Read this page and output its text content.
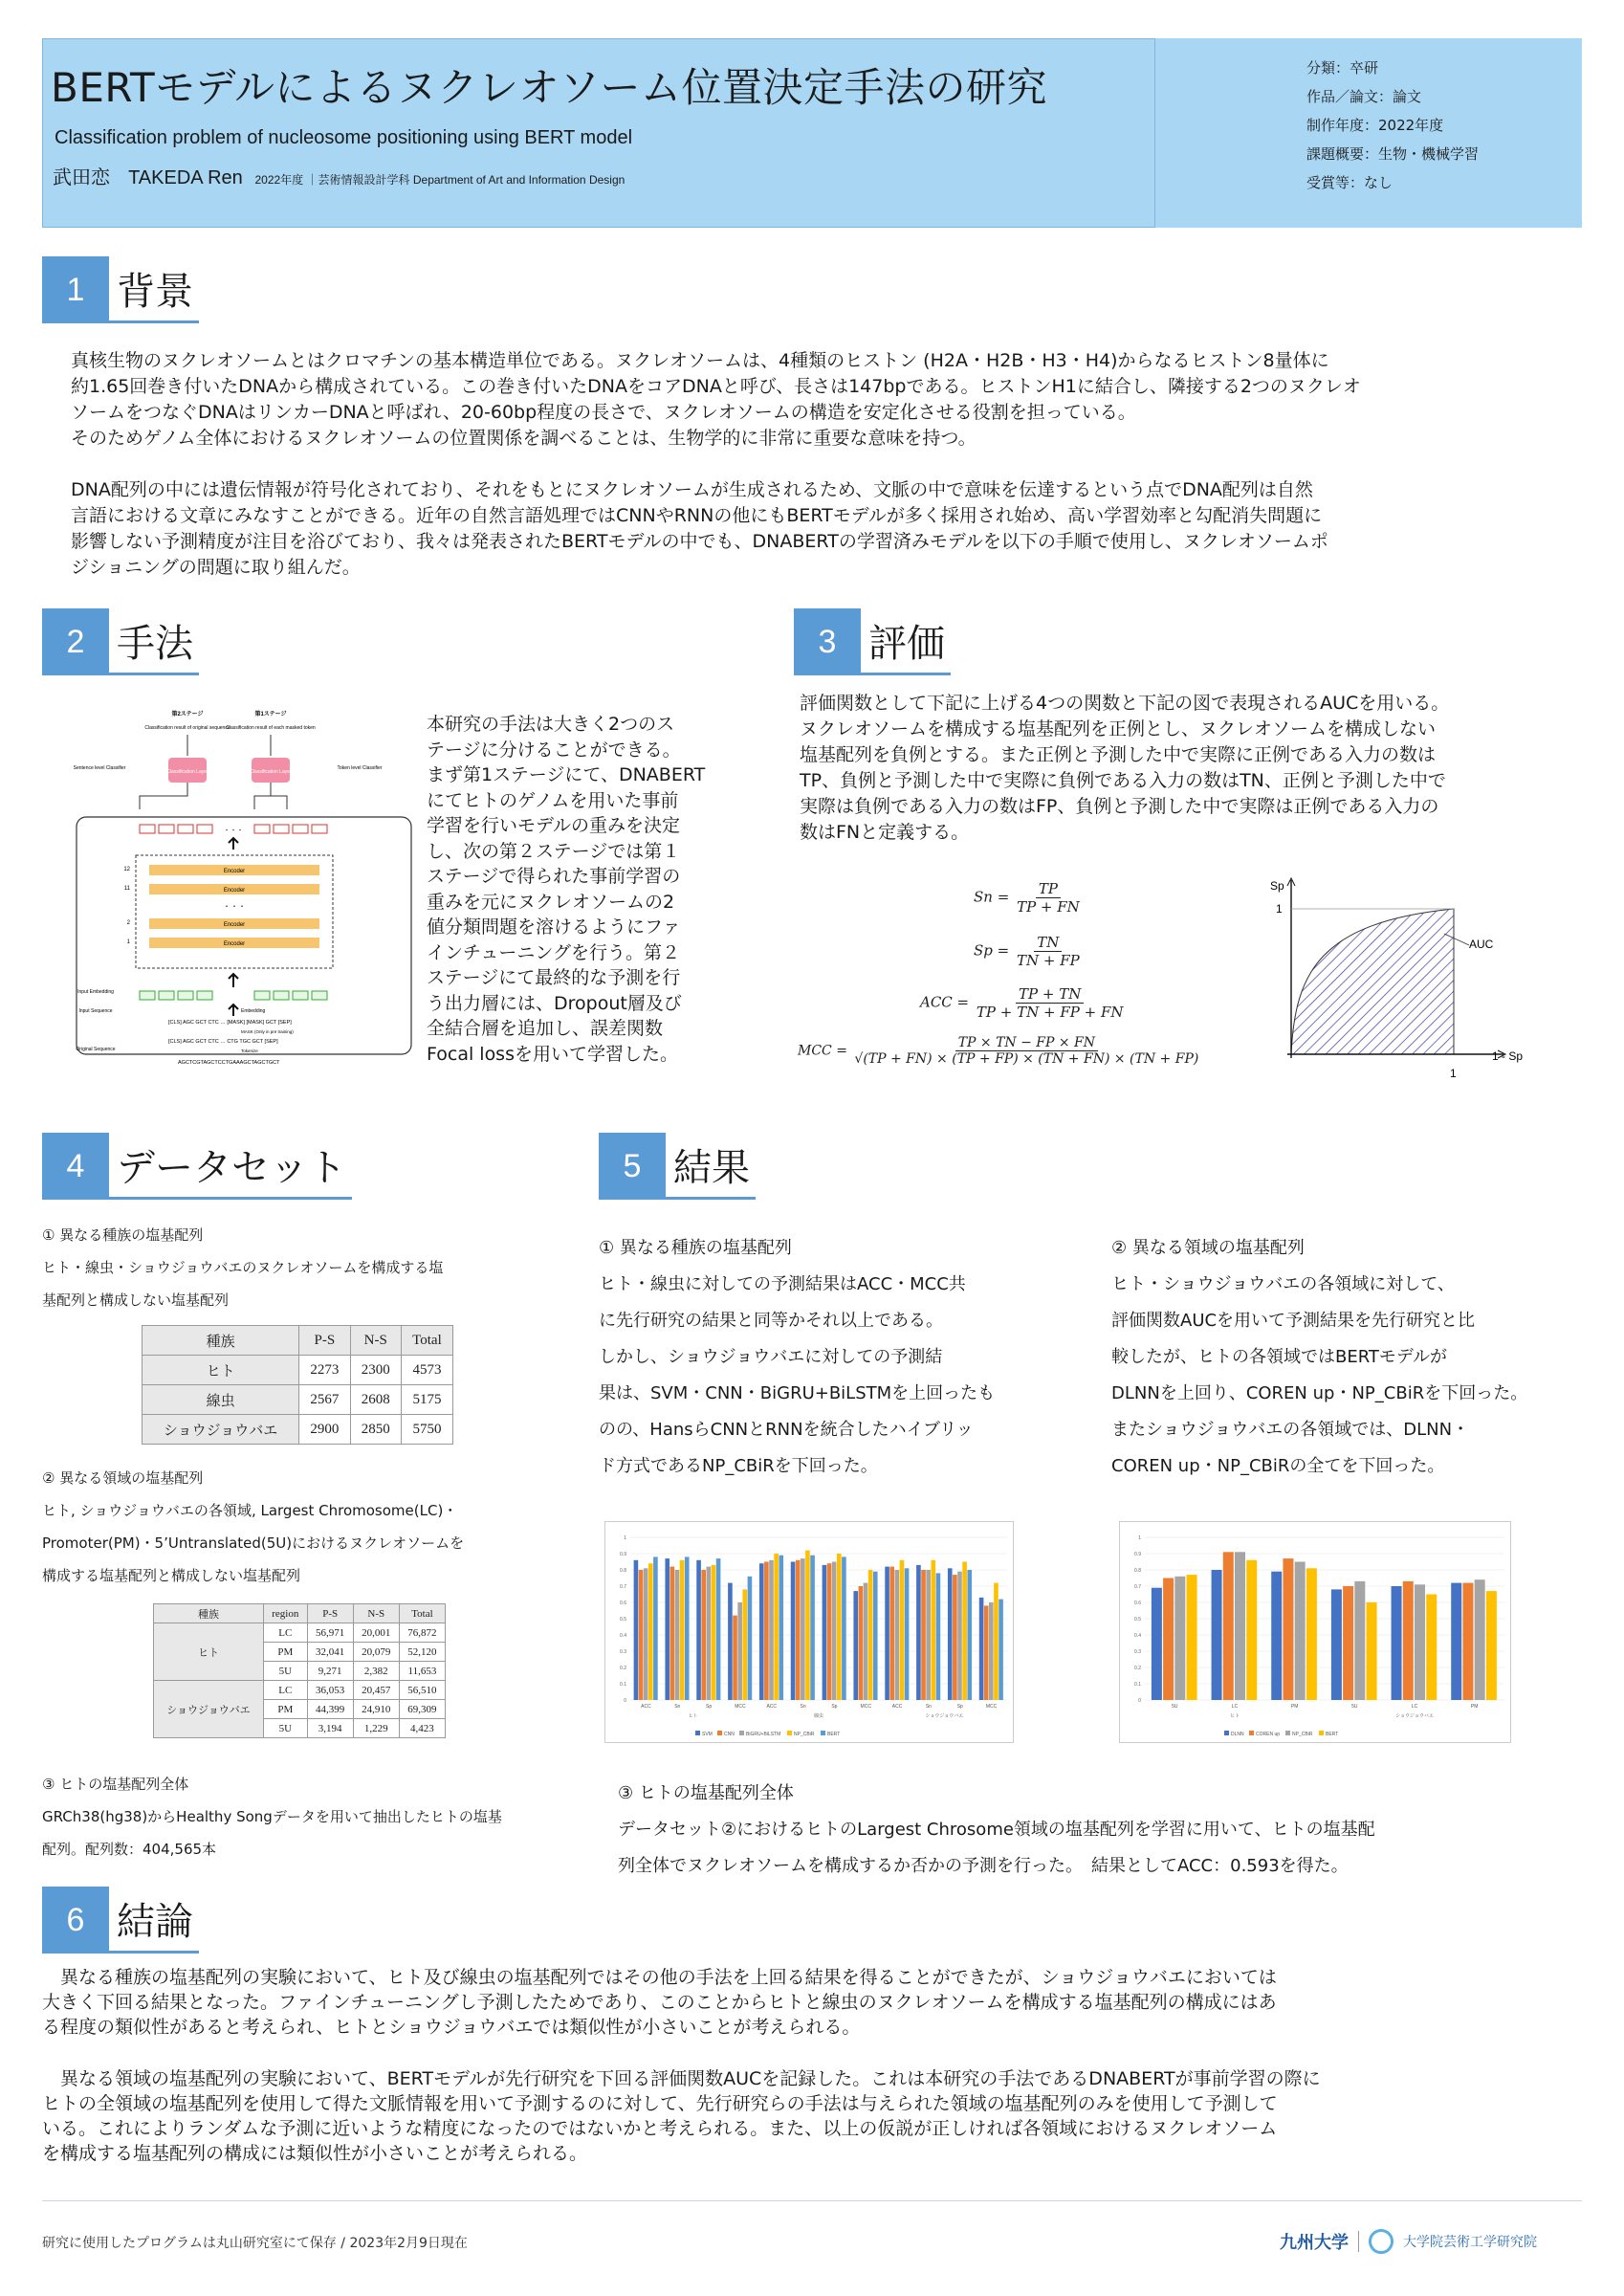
BERTモデルによるヌクレオソーム位置決定手法の研究
Classification problem of nucleosome positioning using BERT model
武田恋 TAKEDA Ren 2022年度 ｜芸術情報設計学科 Department of Art and Information Design
分類：卒研
作品／論文：論文
制作年度：2022年度
課題概要：生物・機械学習
受賞等：なし
1 背景
真核生物のヌクレオソームとはクロマチンの基本構造単位である。ヌクレオソームは、4種類のヒストン (H2A・H2B・H3・H4)からなるヒストン8量体に
約1.65回巻き付いたDNAから構成されている。この巻き付いたDNAをコアDNAと呼び、長さは147bpである。ヒストンH1に結合し、隣接する2つのヌクレオ
ソームをつなぐDNAはリンカーDNAと呼ばれ、20-60bp程度の長さで、ヌクレオソームの構造を安定化させる役割を担っている。
そのためゲノム全体におけるヌクレオソームの位置関係を調べることは、生物学的に非常に重要な意味を持つ。
DNA配列の中には遺伝情報が符号化されており、それをもとにヌクレオソームが生成されるため、文脈の中で意味を伝達するという点でDNA配列は自然
言語における文章にみなすことができる。近年の自然言語処理ではCNNやRNNの他にもBERTモデルが多く採用され始め、高い学習効率と勾配消失問題に
影響しない予測精度が注目を浴びており、我々は発表されたBERTモデルの中でも、DNABERTの学習済みモデルを以下の手順で使用し、ヌクレオソームポ
ジショニングの問題に取り組んだ。
2 手法
第2ステージ	第1ステージ
Classification result of original sequence
Classification result of each masked token
Sentence level Classifier	Token level Classifier
Classification Layer	Classification Layer
・・・
12	Encoder
11	Encoder
・・・
2	Encoder
1	Encoder
Input Embedding
Embedding
Input Sequence
[CLS] AGC GCT CTC … [MASK] [MASK] GCT [SEP]
MASK (Only in pre training)
[CLS] AGC GCT CTC … CTG TGC GCT [SEP]
Tokenize
Original Sequence
AGCTCGTAGCTCCTGAAAGCTAGCTGCT
本研究の手法は大きく2つのス
テージに分けることができる。
まず第1ステージにて、DNABERT
にてヒトのゲノムを用いた事前
学習を行いモデルの重みを決定
し、次の第２ステージでは第１
ステージで得られた事前学習の
重みを元にヌクレオソームの2
値分類問題を溶けるようにファ
インチューニングを行う。第２
ステージにて最終的な予測を行
う出力層には、Dropout層及び
全結合層を追加し、誤差関数
Focal lossを用いて学習した。
3 評価
評価関数として下記に上げる4つの関数と下記の図で表現されるAUCを用いる。
ヌクレオソームを構成する塩基配列を正例とし、ヌクレオソームを構成しない
塩基配列を負例とする。また正例と予測した中で実際に正例である入力の数は
TP、負例と予測した中で実際に負例である入力の数はTN、正例と予測した中で
実際は負例である入力の数はFP、負例と予測した中で実際は正例である入力の
数はFNと定義する。
$Sn = \frac{TP}{TP + FN}$
$Sp = \frac{TN}{TN + FP}$
ACC = $\frac{TP + TN}{TP + TN + FP + FN}$
MCC = $\frac{TP \times TN - FP \times FN}{√(TP + FN) \times (TP + FP) \times (TN + FN) \times (TN + FP)}$
Sp
1
1
1 - Sp
AUC
4 データセット
① 異なる種族の塩基配列
ヒト・線虫・ショウジョウバエのヌクレオソームを構成する塩
基配列と構成しない塩基配列
種族	P-S	N-S	Total
ヒト	2273	2300	4573
線虫	2567	2608	5175
ショウジョウバエ	2900	2850	5750
② 異なる領域の塩基配列
ヒト, ショウジョウバエの各領域, Largest Chromosome(LC)・
Promoter(PM)・5’Untranslated(5U)におけるヌクレオソームを
構成する塩基配列と構成しない塩基配列
種族	region	P-S	N-S	Total
ヒト	LC	56,971	20,001	76,872
	PM	32,041	20,079	52,120
	5U	9,271	2,382	11,653
ショウジョウバエ	LC	36,053	20,457	56,510
	PM	44,399	24,910	69,309
	5U	3,194	1,229	4,423
③ ヒトの塩基配列全体
GRCh38(hg38)からHealthy Songデータを用いて抽出したヒトの塩基
配列。配列数：404,565本
5 結果
① 異なる種族の塩基配列
ヒト・線虫に対しての予測結果はACC・MCC共
に先行研究の結果と同等かそれ以上である。
しかし、ショウジョウバエに対しての予測結
果は、SVM・CNN・BiGRU+BiLSTMを上回ったも
のの、HansらCNNとRNNを統合したハイブリッ
ド方式であるNP_CBiRを下回った。
② 異なる領域の塩基配列
ヒト・ショウジョウバエの各領域に対して、
評価関数AUCを用いて予測結果を先行研究と比
較したが、ヒトの各領域ではBERTモデルが
DLNNを上回り、COREN up・NP_CBiRを下回った。
またショウジョウバエの各領域では、DLNN・
COREN up・NP_CBiRの全てを下回った。
0
0.1
0.2
0.3
0.4
0.5
0.6
0.7
0.8
0.9
1
ACC	Sn	Sp	MCC	ACC	Sn	Sp	MCC	ACC	Sn	Sp	MCC
ヒト	線虫	ショウジョウバエ
SVM CNN BiGRU+BiLSTM	NP_CBiR	BERT
0
0.1
0.2
0.3
0.4
0.5
0.6
0.7
0.8
0.9
1
5U	LC	PM	5U	LC	PM
ヒト	ショウジョウバエ
DLNN COREN up	NP_CBiR	BERT
③ ヒトの塩基配列全体
データセット②におけるヒトのLargest Chrosome領域の塩基配列を学習に用いて、ヒトの塩基配
列全体でヌクレオソームを構成するか否かの予測を行った。　結果としてACC：0.593を得た。
6 結論
　異なる種族の塩基配列の実験において、ヒト及び線虫の塩基配列ではその他の手法を上回る結果を得ることができたが、ショウジョウバエにおいては
大きく下回る結果となった。ファインチューニングし予測したためであり、このことからヒトと線虫のヌクレオソームを構成する塩基配列の構成にはあ
る程度の類似性があると考えられ、ヒトとショウジョウバエでは類似性が小さいことが考えられる。
　異なる領域の塩基配列の実験において、BERTモデルが先行研究を下回る評価関数AUCを記録した。これは本研究の手法であるDNABERTが事前学習の際に
ヒトの全領域の塩基配列を使用して得た文脈情報を用いて予測するのに対して、先行研究らの手法は与えられた領域の塩基配列のみを使用して予測して
いる。これによりランダムな予測に近いような精度になったのではないかと考えられる。また、以上の仮説が正しければ各領域におけるヌクレオソーム
を構成する塩基配列の構成には類似性が小さいことが考えられる。
研究に使用したプログラムは丸山研究室にて保存 / 2023年2月9日現在	九州大学	大学院芸術工学研究院
